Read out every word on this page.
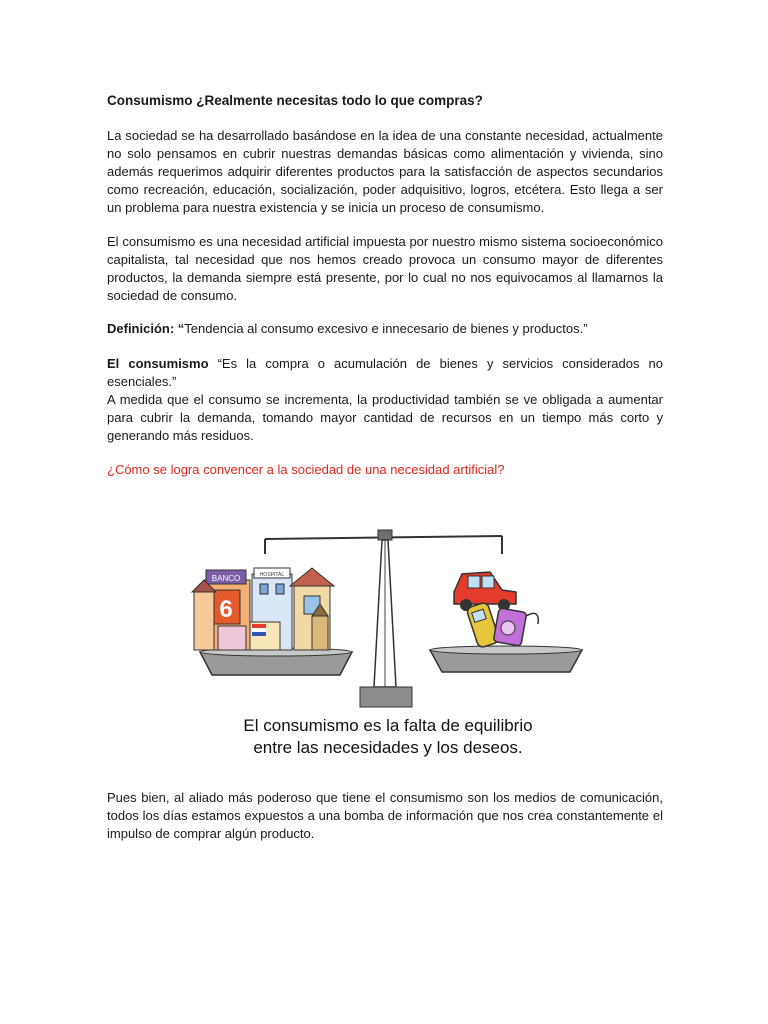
Consumismo ¿Realmente necesitas todo lo que compras?

La sociedad se ha desarrollado basándose en la idea de una constante necesidad, actualmente no solo pensamos en cubrir nuestras demandas básicas como alimentación y vivienda, sino además requerimos adquirir diferentes productos para la satisfacción de aspectos secundarios como recreación, educación, socialización, poder adquisitivo, logros, etcétera. Esto llega a ser un problema para nuestra existencia y se inicia un proceso de consumismo.

El consumismo es una necesidad artificial impuesta por nuestro mismo sistema socioeconómico capitalista, tal necesidad que nos hemos creado provoca un consumo mayor de diferentes productos, la demanda siempre está presente, por lo cual no nos equivocamos al llamarnos la sociedad de consumo.

Definición: “Tendencia al consumo excesivo e innecesario de bienes y productos.”

El consumismo “Es la compra o acumulación de bienes y servicios considerados no esenciales.”

A medida que el consumo se incrementa, la productividad también se ve obligada a aumentar para cubrir la demanda, tomando mayor cantidad de recursos en un tiempo más corto y generando más residuos.

¿Cómo se logra convencer a la sociedad de una necesidad artificial?

BANCO
6
HOSPITAL
El consumismo es la falta de equilibrio
entre las necesidades y los deseos.

Pues bien, al aliado más poderoso que tiene el consumismo son los medios de comunicación, todos los días estamos expuestos a una bomba de información que nos crea constantemente el impulso de comprar algún producto.
